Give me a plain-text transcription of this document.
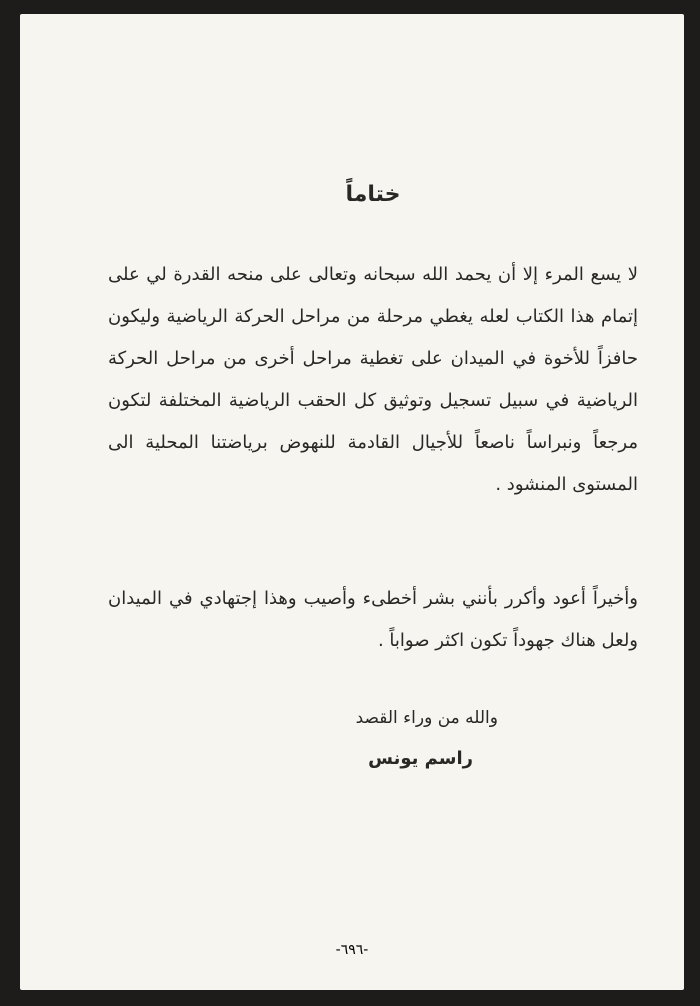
ختاماً

لا يسع المرء إلا أن يحمد الله سبحانه وتعالى على منحه القدرة لي على إتمام هذا الكتاب لعله يغطي مرحلة من مراحل الحركة الرياضية وليكون حافزاً للأخوة في الميدان على تغطية مراحل أخرى من مراحل الحركة الرياضية في سبيل تسجيل وتوثيق كل الحقب الرياضية المختلفة لتكون مرجعاً ونبراساً ناصعاً للأجيال القادمة للنهوض برياضتنا المحلية الى المستوى المنشود .

وأخيراً أعود وأكرر بأنني بشر أخطىء وأصيب وهذا إجتهادي في الميدان ولعل هناك جهوداً تكون اكثر صواباً .

والله من وراء القصد
راسم يونس
-٦٩٦-
